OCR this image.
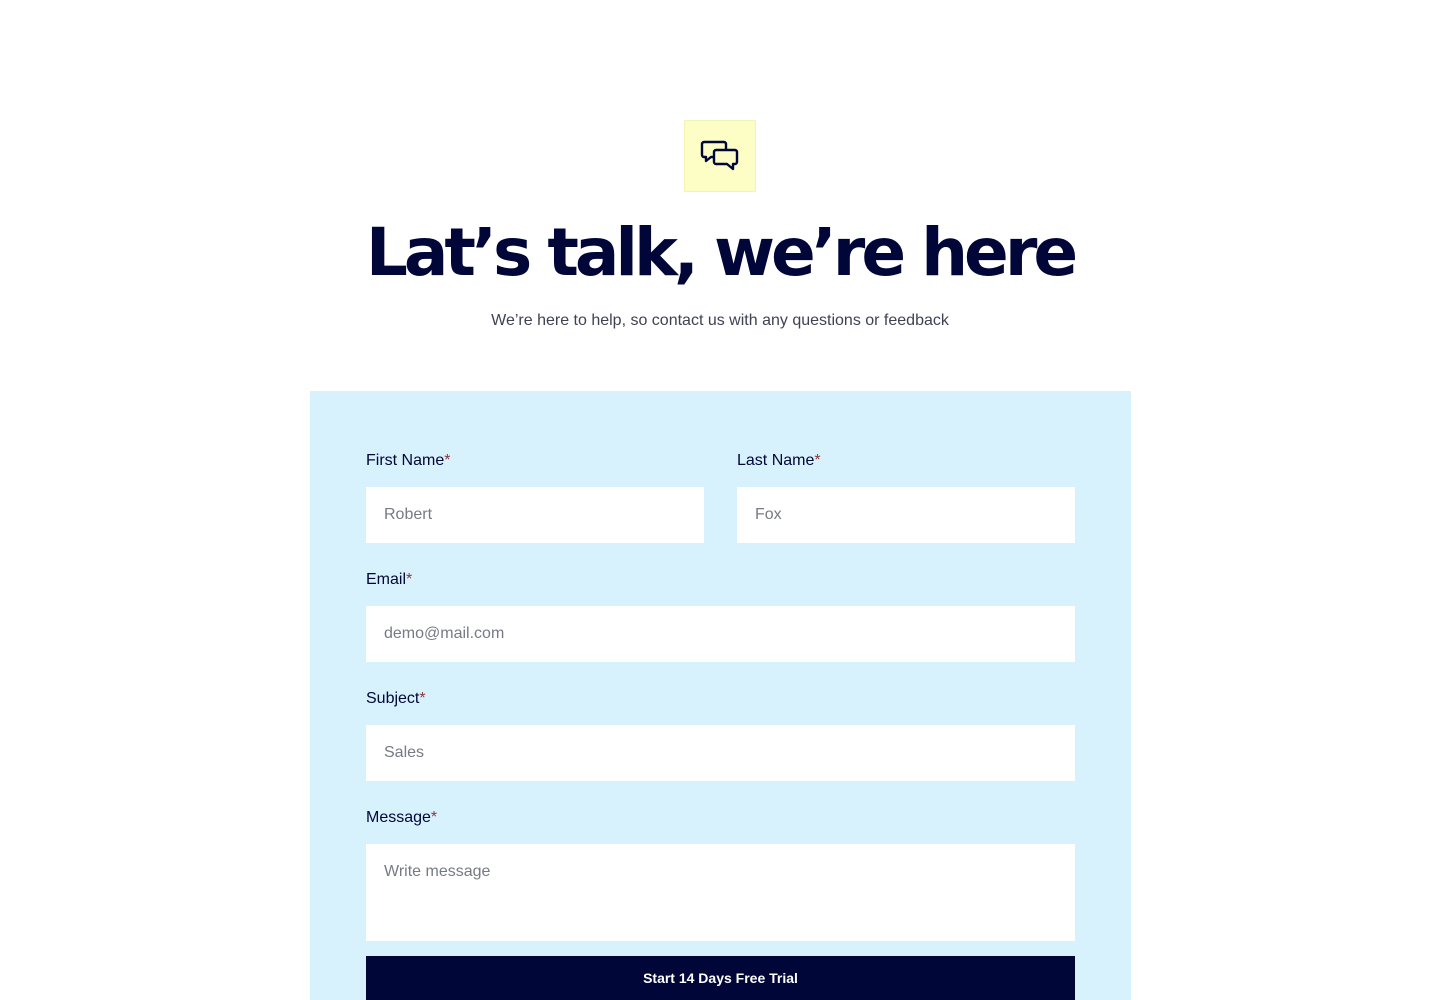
Lat’s talk, we’re here

We’re here to help, so contact us with any questions or feedback

First Name*
Robert	Last Name*
Fox
Email*
demo@mail.com
Subject*
Sales
Message*
Write message
Start 14 Days Free Trial
